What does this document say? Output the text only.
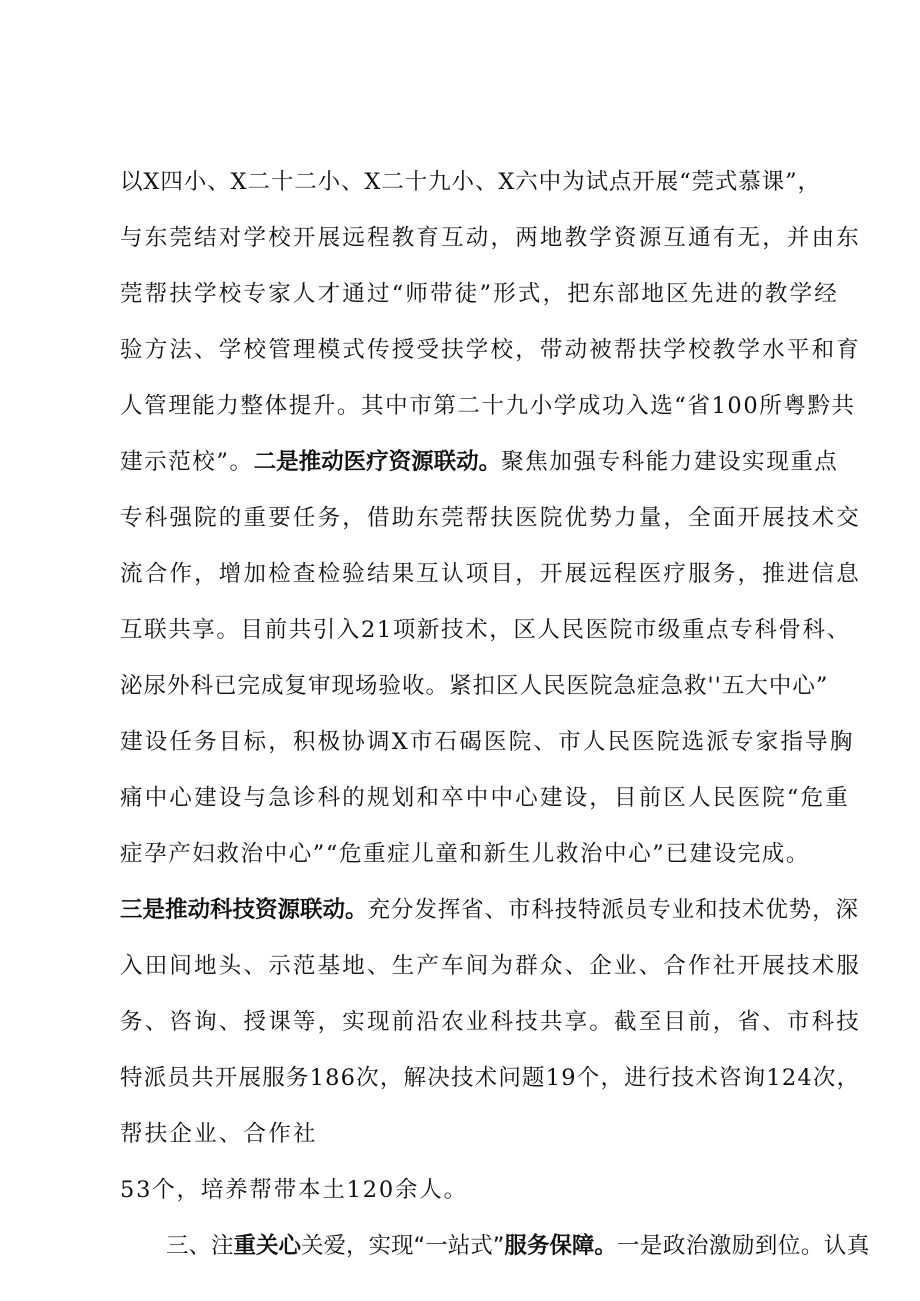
以X四小、X二十二小、X二十九小、X六中为试点开展“莞式慕课”，

与东莞结对学校开展远程教育互动，两地教学资源互通有无，并由东

莞帮扶学校专家人才通过“师带徒”形式，把东部地区先进的教学经

验方法、学校管理模式传授受扶学校，带动被帮扶学校教学水平和育

人管理能力整体提升。其中市第二十九小学成功入选“省100所粤黔共

建示范校”。二是推动医疗资源联动。聚焦加强专科能力建设实现重点

专科强院的重要任务，借助东莞帮扶医院优势力量，全面开展技术交

流合作，增加检查检验结果互认项目，开展远程医疗服务，推进信息

互联共享。目前共引入21项新技术，区人民医院市级重点专科骨科、

泌尿外科已完成复审现场验收。紧扣区人民医院急症急救''五大中心”

建设任务目标，积极协调X市石碣医院、市人民医院选派专家指导胸

痛中心建设与急诊科的规划和卒中中心建设，目前区人民医院“危重

症孕产妇救治中心”“危重症儿童和新生儿救治中心”已建设完成。

三是推动科技资源联动。充分发挥省、市科技特派员专业和技术优势，深

入田间地头、示范基地、生产车间为群众、企业、合作社开展技术服

务、咨询、授课等，实现前沿农业科技共享。截至目前，省、市科技

特派员共开展服务186次，解决技术问题19个，进行技术咨询124次，

帮扶企业、合作社

53个，培养帮带本土120余人。

三、注重关心关爱，实现“一站式”服务保障。一是政治激励到位。认真
